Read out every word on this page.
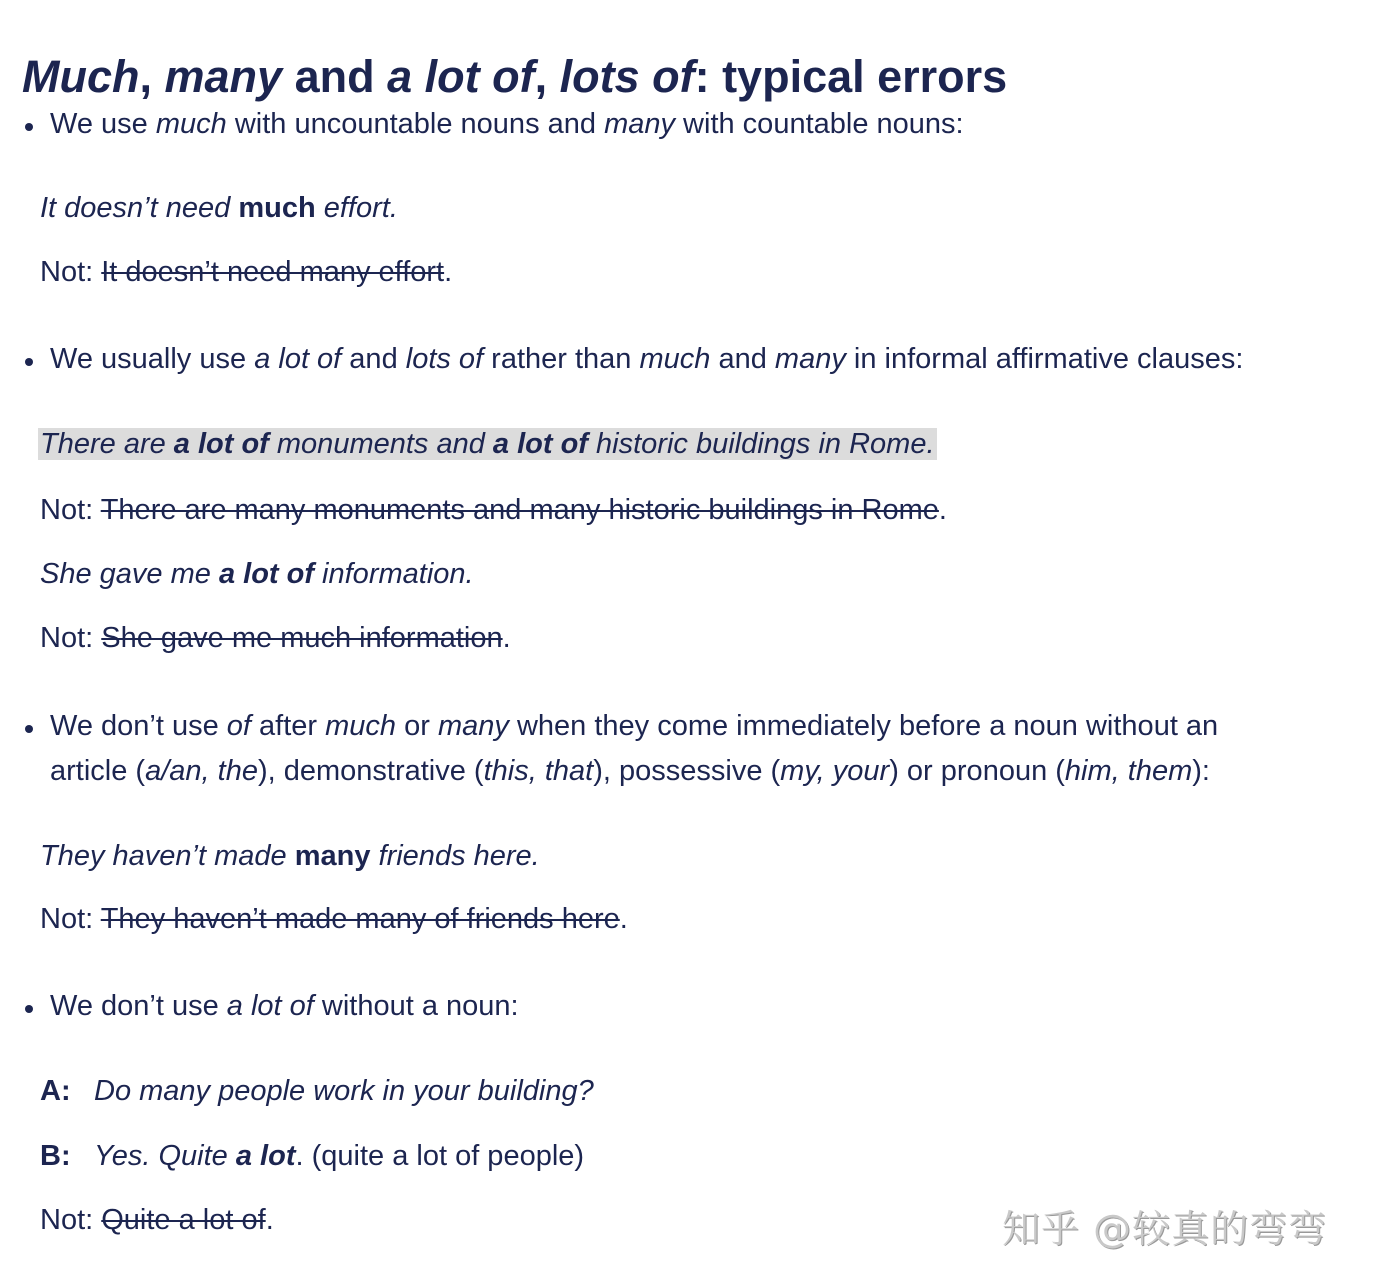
Much, many and a lot of, lots of: typical errors
We use much with uncountable nouns and many with countable nouns:
It doesn’t need much effort.
Not: It doesn’t need many effort.
We usually use a lot of and lots of rather than much and many in informal affirmative clauses:
There are a lot of monuments and a lot of historic buildings in Rome.
Not: There are many monuments and many historic buildings in Rome.
She gave me a lot of information.
Not: She gave me much information.
We don’t use of after much or many when they come immediately before a noun without an
article (a/an, the), demonstrative (this, that), possessive (my, your) or pronoun (him, them):
They haven’t made many friends here.
Not: They haven’t made many of friends here.
We don’t use a lot of without a noun:
A: Do many people work in your building?
B: Yes. Quite a lot. (quite a lot of people)
Not: Quite a lot of.	知乎 @较真的弯弯
